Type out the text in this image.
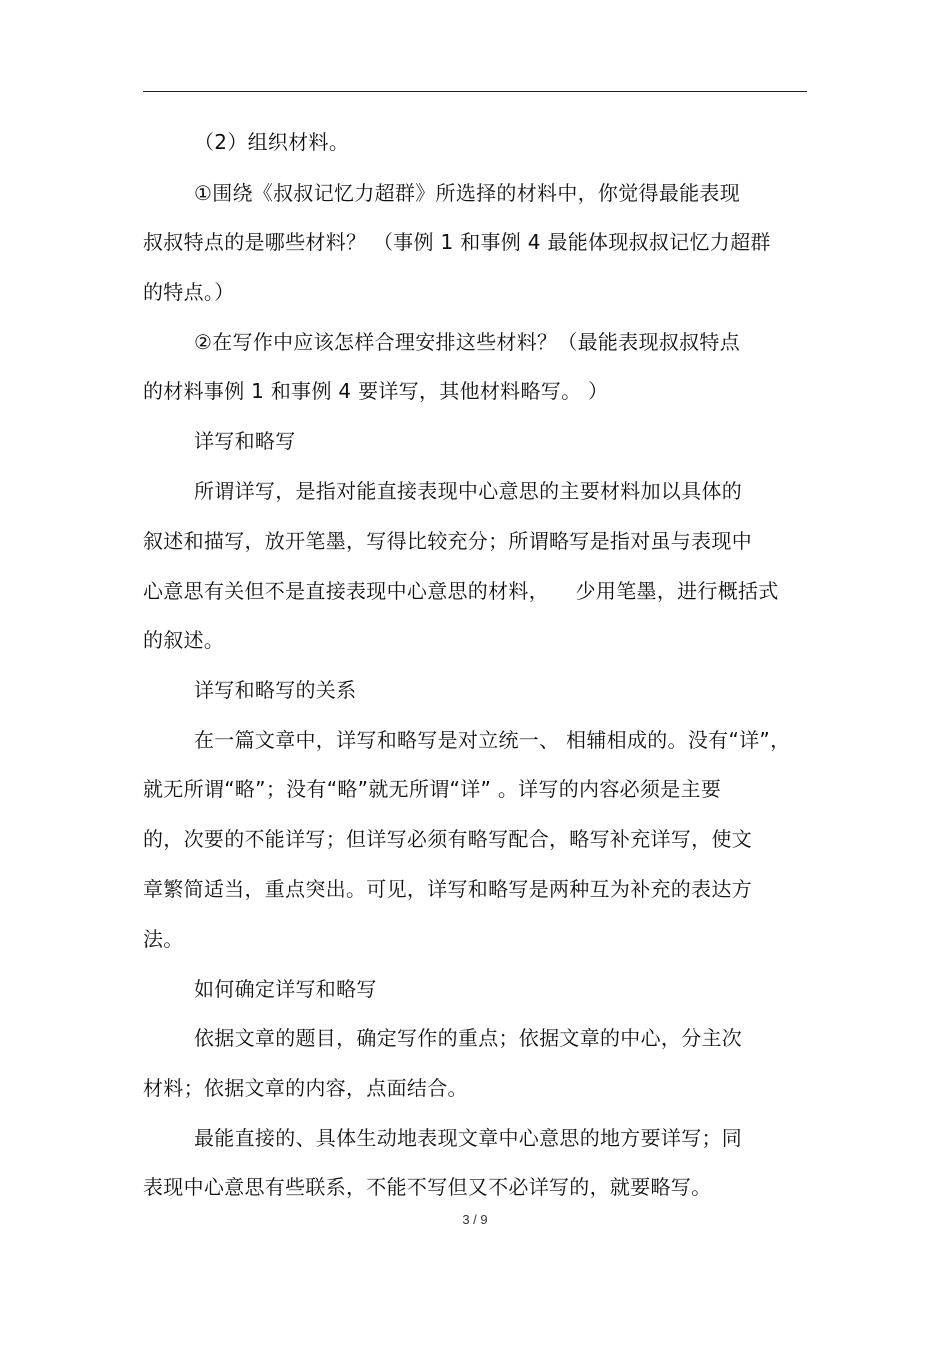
（2）组织材料。

①围绕《叔叔记忆力超群》所选择的材料中，你觉得最能表现

叔叔特点的是哪些材料？ （事例 1 和事例 4 最能体现叔叔记忆力超群

的特点。）

②在写作中应该怎样合理安排这些材料？（最能表现叔叔特点

的材料事例 1 和事例 4 要详写，其他材料略写。 ）

详写和略写

所谓详写，是指对能直接表现中心意思的主要材料加以具体的

叙述和描写，放开笔墨，写得比较充分；所谓略写是指对虽与表现中

心意思有关但不是直接表现中心意思的材料，    少用笔墨，进行概括式

的叙述。

详写和略写的关系

在一篇文章中，详写和略写是对立统一、 相辅相成的。没有“详”，

就无所谓“略”；没有“略”就无所谓“详” 。详写的内容必须是主要

的，次要的不能详写；但详写必须有略写配合，略写补充详写，使文

章繁简适当，重点突出。可见，详写和略写是两种互为补充的表达方

法。

如何确定详写和略写

依据文章的题目，确定写作的重点；依据文章的中心，分主次

材料；依据文章的内容，点面结合。

最能直接的、具体生动地表现文章中心意思的地方要详写；同

表现中心意思有些联系，不能不写但又不必详写的，就要略写。

3 / 9
